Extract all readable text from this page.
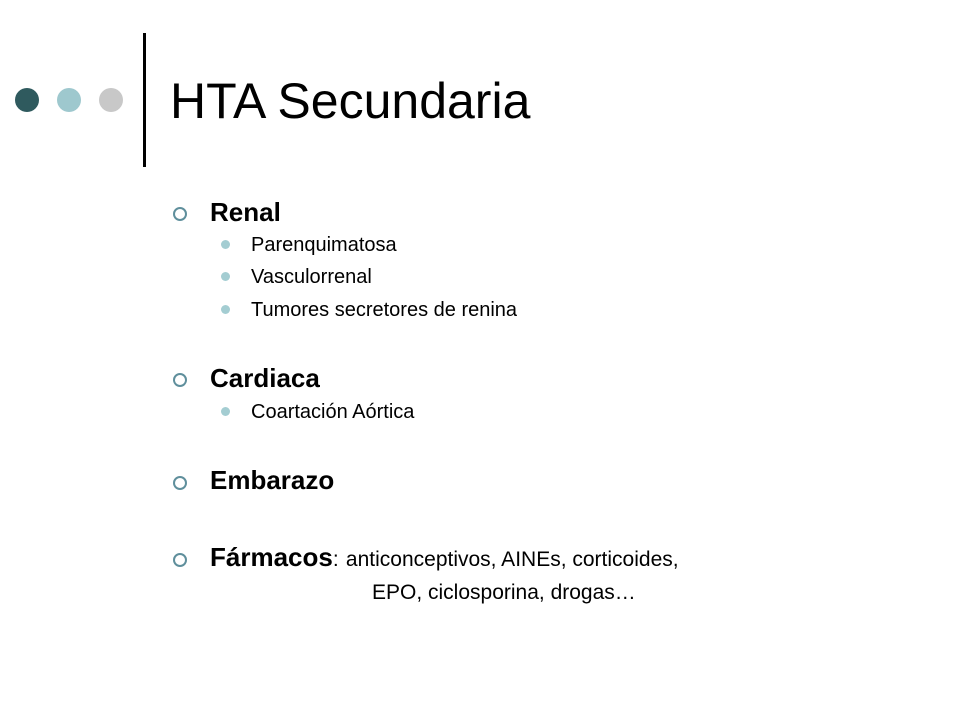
HTA Secundaria
Renal
Parenquimatosa
Vasculorrenal
Tumores secretores de renina
Cardiaca
Coartación Aórtica
Embarazo
Fármacos: anticonceptivos, AINEs, corticoides,
EPO, ciclosporina, drogas…
